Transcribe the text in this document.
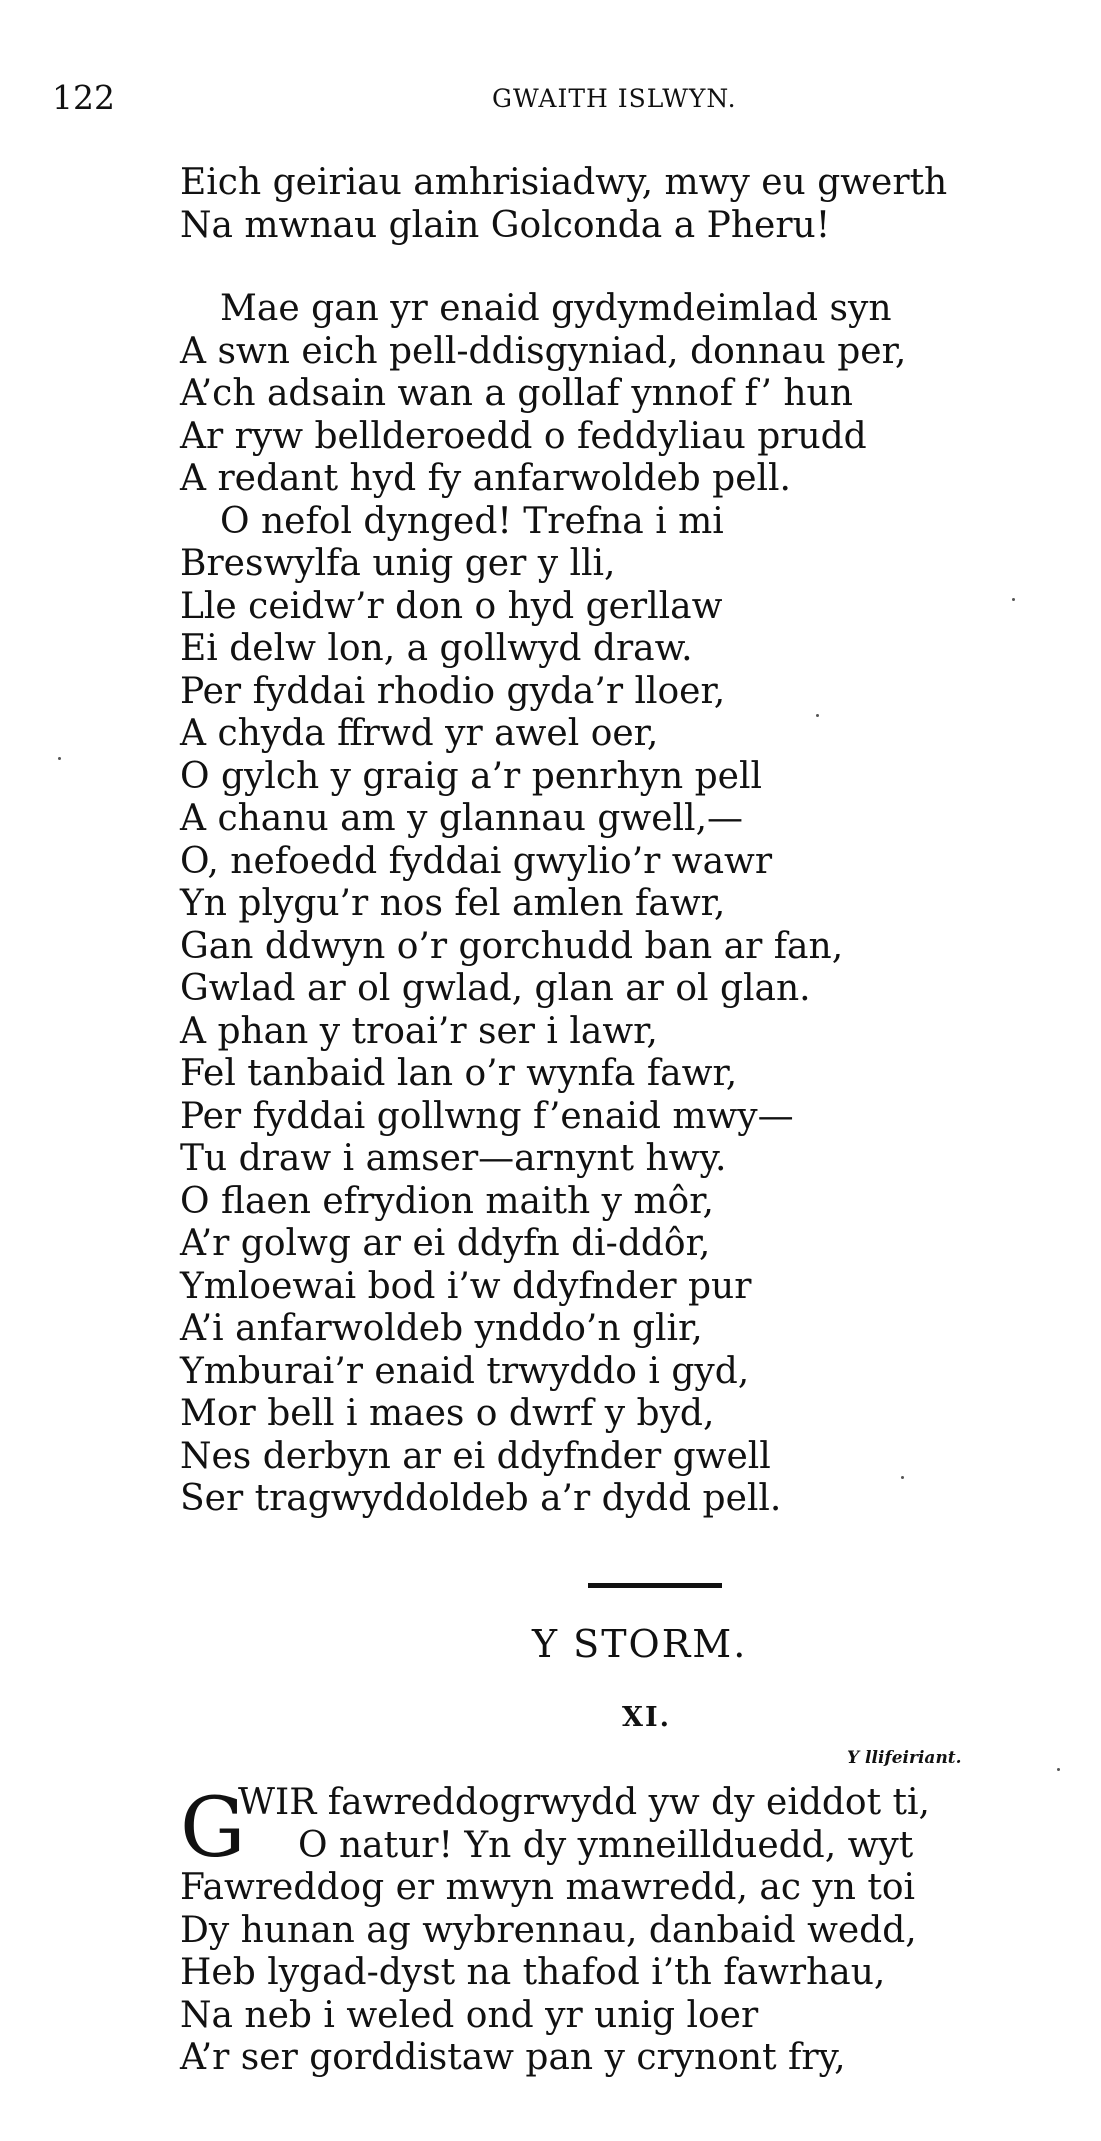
122	GWAITH ISLWYN.
Eich geiriau amhrisiadwy, mwy eu gwerth
Na mwnau glain Golconda a Pheru!
Mae gan yr enaid gydymdeimlad syn
A swn eich pell-ddisgyniad, donnau per,
A’ch adsain wan a gollaf ynnof f’ hun
Ar ryw bellderoedd o feddyliau prudd
A redant hyd fy anfarwoldeb pell.
O nefol dynged! Trefna i mi
Breswylfa unig ger y lli,
Lle ceidw’r don o hyd gerllaw
Ei delw lon, a gollwyd draw.
Per fyddai rhodio gyda’r lloer,
A chyda ffrwd yr awel oer,
O gylch y graig a’r penrhyn pell
A chanu am y glannau gwell,—
O, nefoedd fyddai gwylio’r wawr
Yn plygu’r nos fel amlen fawr,
Gan ddwyn o’r gorchudd ban ar fan,
Gwlad ar ol gwlad, glan ar ol glan.
A phan y troai’r ser i lawr,
Fel tanbaid lan o’r wynfa fawr,
Per fyddai gollwng f’enaid mwy—
Tu draw i amser—arnynt hwy.
O flaen efrydion maith y môr,
A’r golwg ar ei ddyfn di-ddôr,
Ymloewai bod i’w ddyfnder pur
A’i anfarwoldeb ynddo’n glir,
Ymburai’r enaid trwyddo i gyd,
Mor bell i maes o dwrf y byd,
Nes derbyn ar ei ddyfnder gwell
Ser tragwyddoldeb a’r dydd pell.
Y STORM.
XI.
Y llifeiriant.
G
WIR fawreddogrwydd yw dy eiddot ti,
O natur! Yn dy ymneillduedd, wyt
Fawreddog er mwyn mawredd, ac yn toi
Dy hunan ag wybrennau, danbaid wedd,
Heb lygad-dyst na thafod i’th fawrhau,
Na neb i weled ond yr unig loer
A’r ser gorddistaw pan y crynont fry,
